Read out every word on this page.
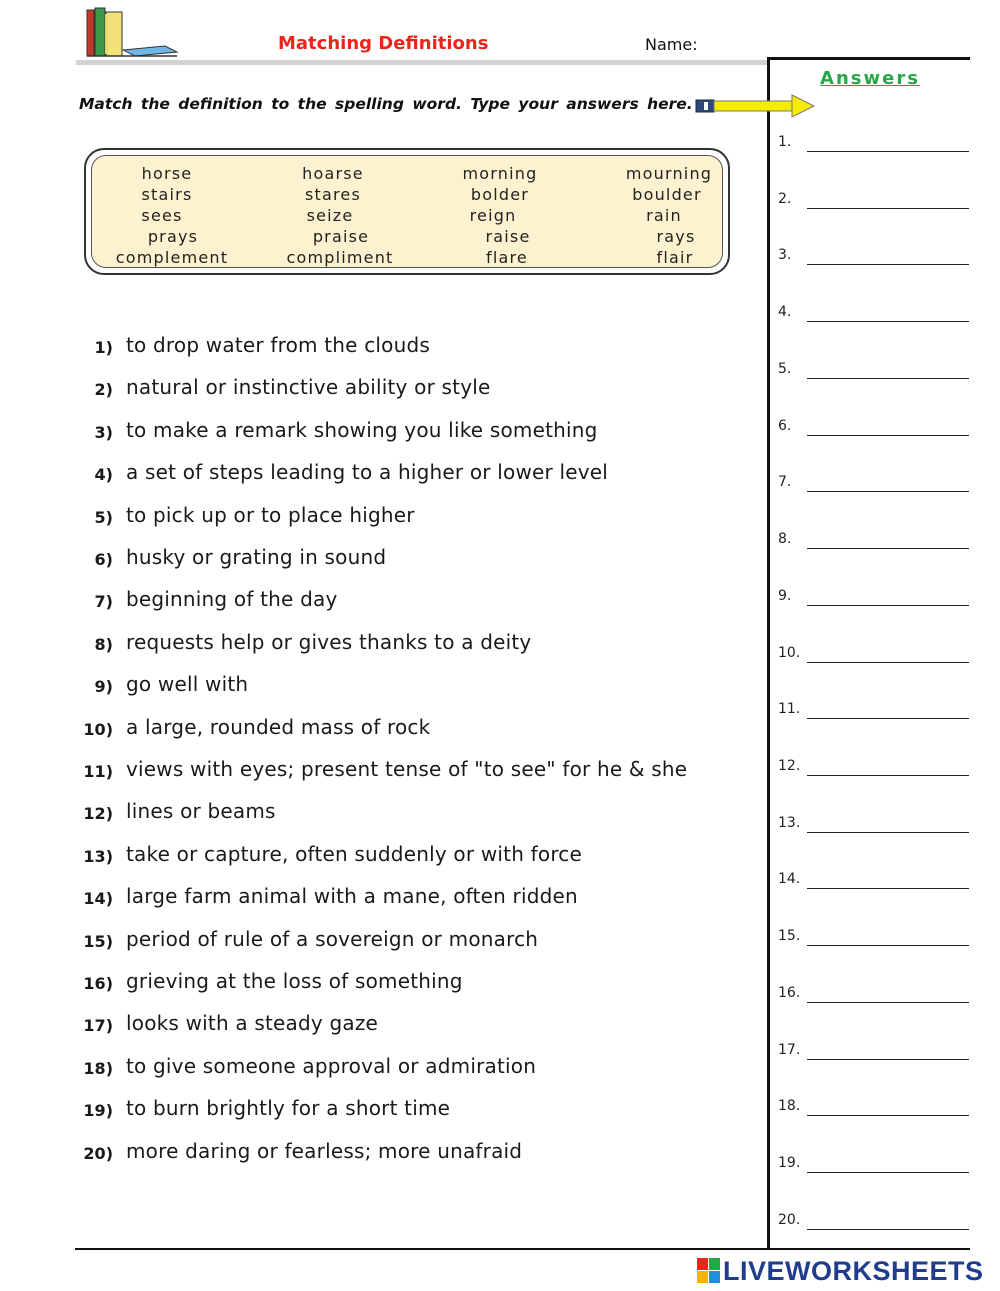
Matching Definitions	Name:
Answers
Match the definition to the spelling word. Type your answers here.
horse	hoarse	morning	mourning
stairs	stares	bolder	boulder
sees	seize	reign	rain
prays	praise	raise	rays
complement	compliment	flare	flair
1) to drop water from the clouds
2) natural or instinctive ability or style
3) to make a remark showing you like something
4) a set of steps leading to a higher or lower level
5) to pick up or to place higher
6) husky or grating in sound
7) beginning of the day
8) requests help or gives thanks to a deity
9) go well with
10) a large, rounded mass of rock
11) views with eyes; present tense of "to see" for he & she
12) lines or beams
13) take or capture, often suddenly or with force
14) large farm animal with a mane, often ridden
15) period of rule of a sovereign or monarch
16) grieving at the loss of something
17) looks with a steady gaze
18) to give someone approval or admiration
19) to burn brightly for a short time
20) more daring or fearless; more unafraid
1.
2.
3.
4.
5.
6.
7.
8.
9.
10.
11.
12.
13.
14.
15.
16.
17.
18.
19.
20.
LIVEWORKSHEETS
